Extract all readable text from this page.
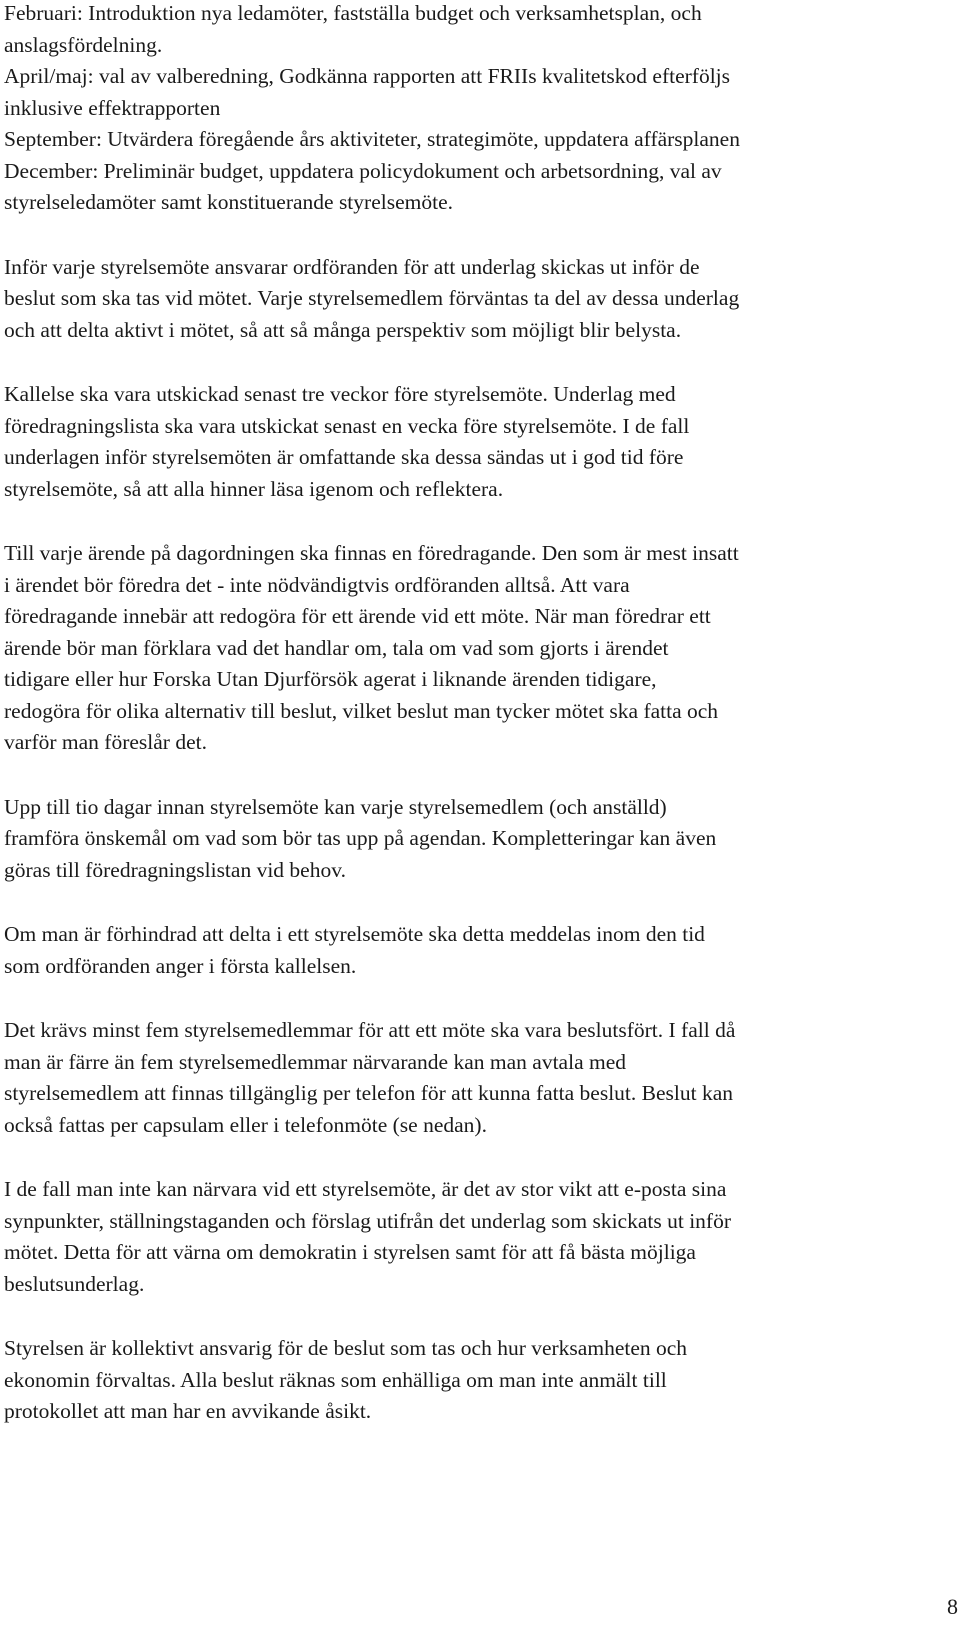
Februari: Introduktion nya ledamöter, fastställa budget och verksamhetsplan, och
anslagsfördelning.
April/maj: val av valberedning, Godkänna rapporten att FRIIs kvalitetskod efterföljs
inklusive effektrapporten
September: Utvärdera föregående års aktiviteter, strategimöte, uppdatera affärsplanen
December: Preliminär budget, uppdatera policydokument och arbetsordning, val av
styrelseledamöter samt konstituerande styrelsemöte.
Inför varje styrelsemöte ansvarar ordföranden för att underlag skickas ut inför de
beslut som ska tas vid mötet. Varje styrelsemedlem förväntas ta del av dessa underlag
och att delta aktivt i mötet, så att så många perspektiv som möjligt blir belysta.
Kallelse ska vara utskickad senast tre veckor före styrelsemöte. Underlag med
föredragningslista ska vara utskickat senast en vecka före styrelsemöte. I de fall
underlagen inför styrelsemöten är omfattande ska dessa sändas ut i god tid före
styrelsemöte, så att alla hinner läsa igenom och reflektera.
Till varje ärende på dagordningen ska finnas en föredragande. Den som är mest insatt
i ärendet bör föredra det - inte nödvändigtvis ordföranden alltså. Att vara
föredragande innebär att redogöra för ett ärende vid ett möte. När man föredrar ett
ärende bör man förklara vad det handlar om, tala om vad som gjorts i ärendet
tidigare eller hur Forska Utan Djurförsök agerat i liknande ärenden tidigare,
redogöra för olika alternativ till beslut, vilket beslut man tycker mötet ska fatta och
varför man föreslår det.
Upp till tio dagar innan styrelsemöte kan varje styrelsemedlem (och anställd)
framföra önskemål om vad som bör tas upp på agendan. Kompletteringar kan även
göras till föredragningslistan vid behov.
Om man är förhindrad att delta i ett styrelsemöte ska detta meddelas inom den tid
som ordföranden anger i första kallelsen.
Det krävs minst fem styrelsemedlemmar för att ett möte ska vara beslutsfört. I fall då
man är färre än fem styrelsemedlemmar närvarande kan man avtala med
styrelsemedlem att finnas tillgänglig per telefon för att kunna fatta beslut. Beslut kan
också fattas per capsulam eller i telefonmöte (se nedan).
I de fall man inte kan närvara vid ett styrelsemöte, är det av stor vikt att e-posta sina
synpunkter, ställningstaganden och förslag utifrån det underlag som skickats ut inför
mötet. Detta för att värna om demokratin i styrelsen samt för att få bästa möjliga
beslutsunderlag.
Styrelsen är kollektivt ansvarig för de beslut som tas och hur verksamheten och
ekonomin förvaltas. Alla beslut räknas som enhälliga om man inte anmält till
protokollet att man har en avvikande åsikt.
8
